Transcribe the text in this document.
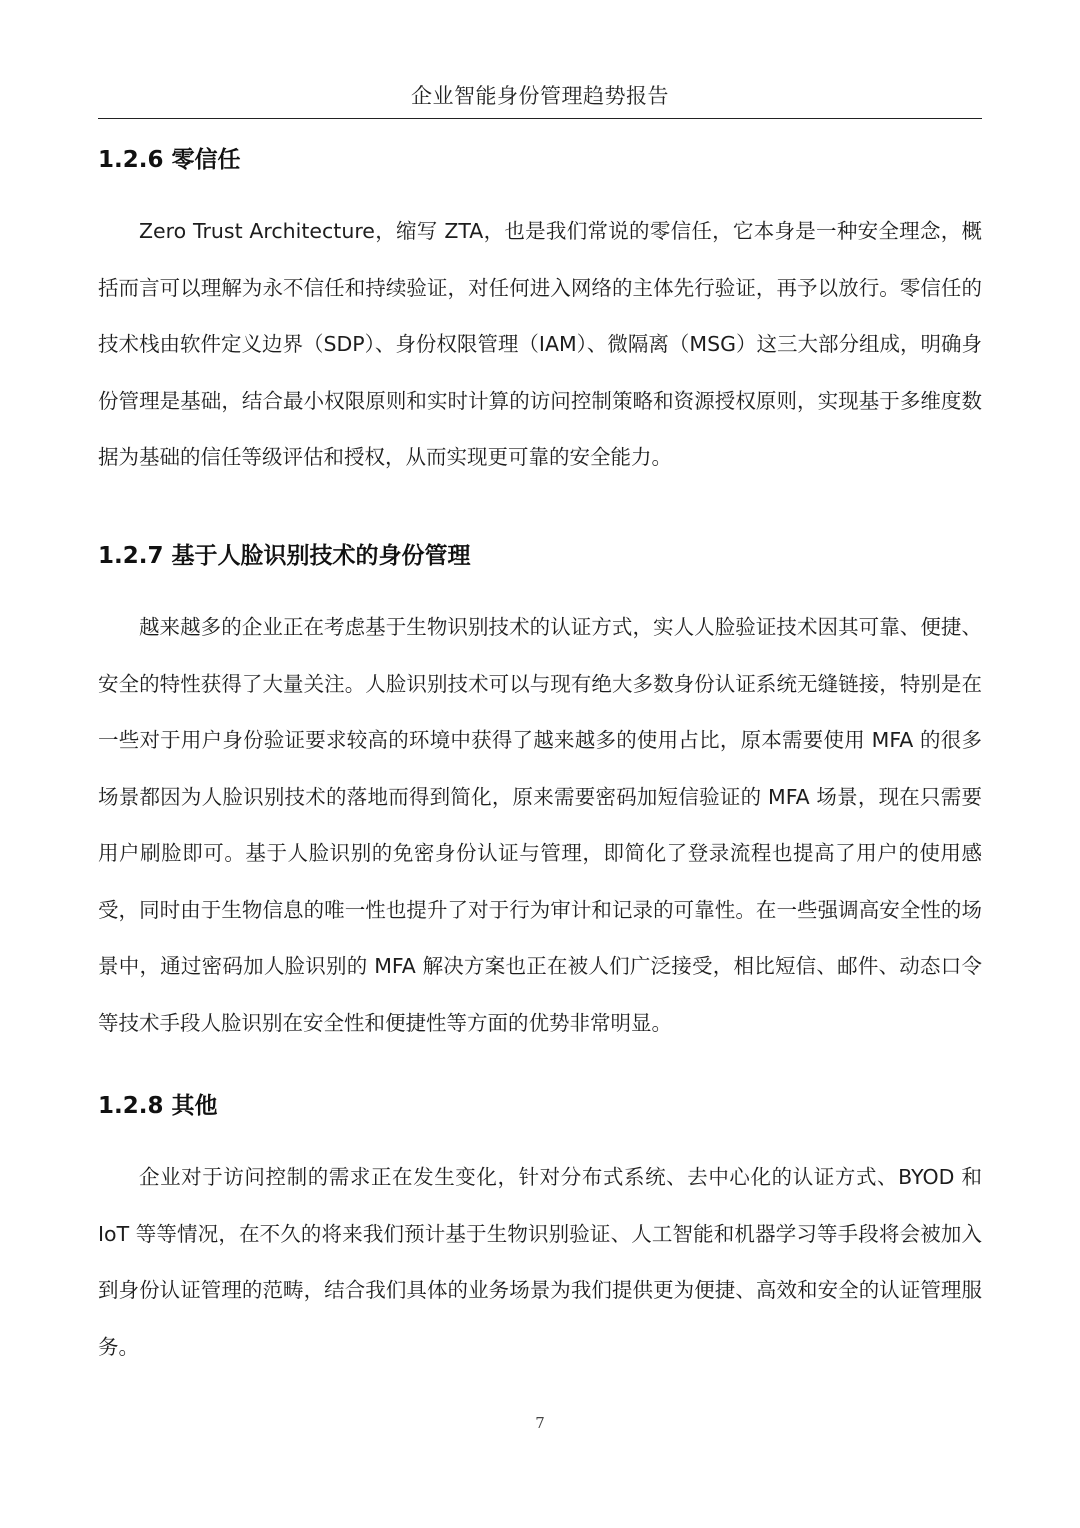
企业智能身份管理趋势报告
1.2.6 零信任

Zero Trust Architecture，缩写 ZTA，也是我们常说的零信任，它本身是一种安全理念，概括而言可以理解为永不信任和持续验证，对任何进入网络的主体先行验证，再予以放行。零信任的技术栈由软件定义边界（SDP）、身份权限管理（IAM）、微隔离（MSG）这三大部分组成，明确身份管理是基础，结合最小权限原则和实时计算的访问控制策略和资源授权原则，实现基于多维度数据为基础的信任等级评估和授权，从而实现更可靠的安全能力。

1.2.7 基于人脸识别技术的身份管理

越来越多的企业正在考虑基于生物识别技术的认证方式，实人人脸验证技术因其可靠、便捷、安全的特性获得了大量关注。人脸识别技术可以与现有绝大多数身份认证系统无缝链接，特别是在一些对于用户身份验证要求较高的环境中获得了越来越多的使用占比，原本需要使用 MFA 的很多场景都因为人脸识别技术的落地而得到简化，原来需要密码加短信验证的 MFA 场景，现在只需要用户刷脸即可。基于人脸识别的免密身份认证与管理，即简化了登录流程也提高了用户的使用感受，同时由于生物信息的唯一性也提升了对于行为审计和记录的可靠性。在一些强调高安全性的场景中，通过密码加人脸识别的 MFA 解决方案也正在被人们广泛接受，相比短信、邮件、动态口令等技术手段人脸识别在安全性和便捷性等方面的优势非常明显。

1.2.8 其他

企业对于访问控制的需求正在发生变化，针对分布式系统、去中心化的认证方式、BYOD 和 IoT 等等情况，在不久的将来我们预计基于生物识别验证、人工智能和机器学习等手段将会被加入到身份认证管理的范畴，结合我们具体的业务场景为我们提供更为便捷、高效和安全的认证管理服务。

7
